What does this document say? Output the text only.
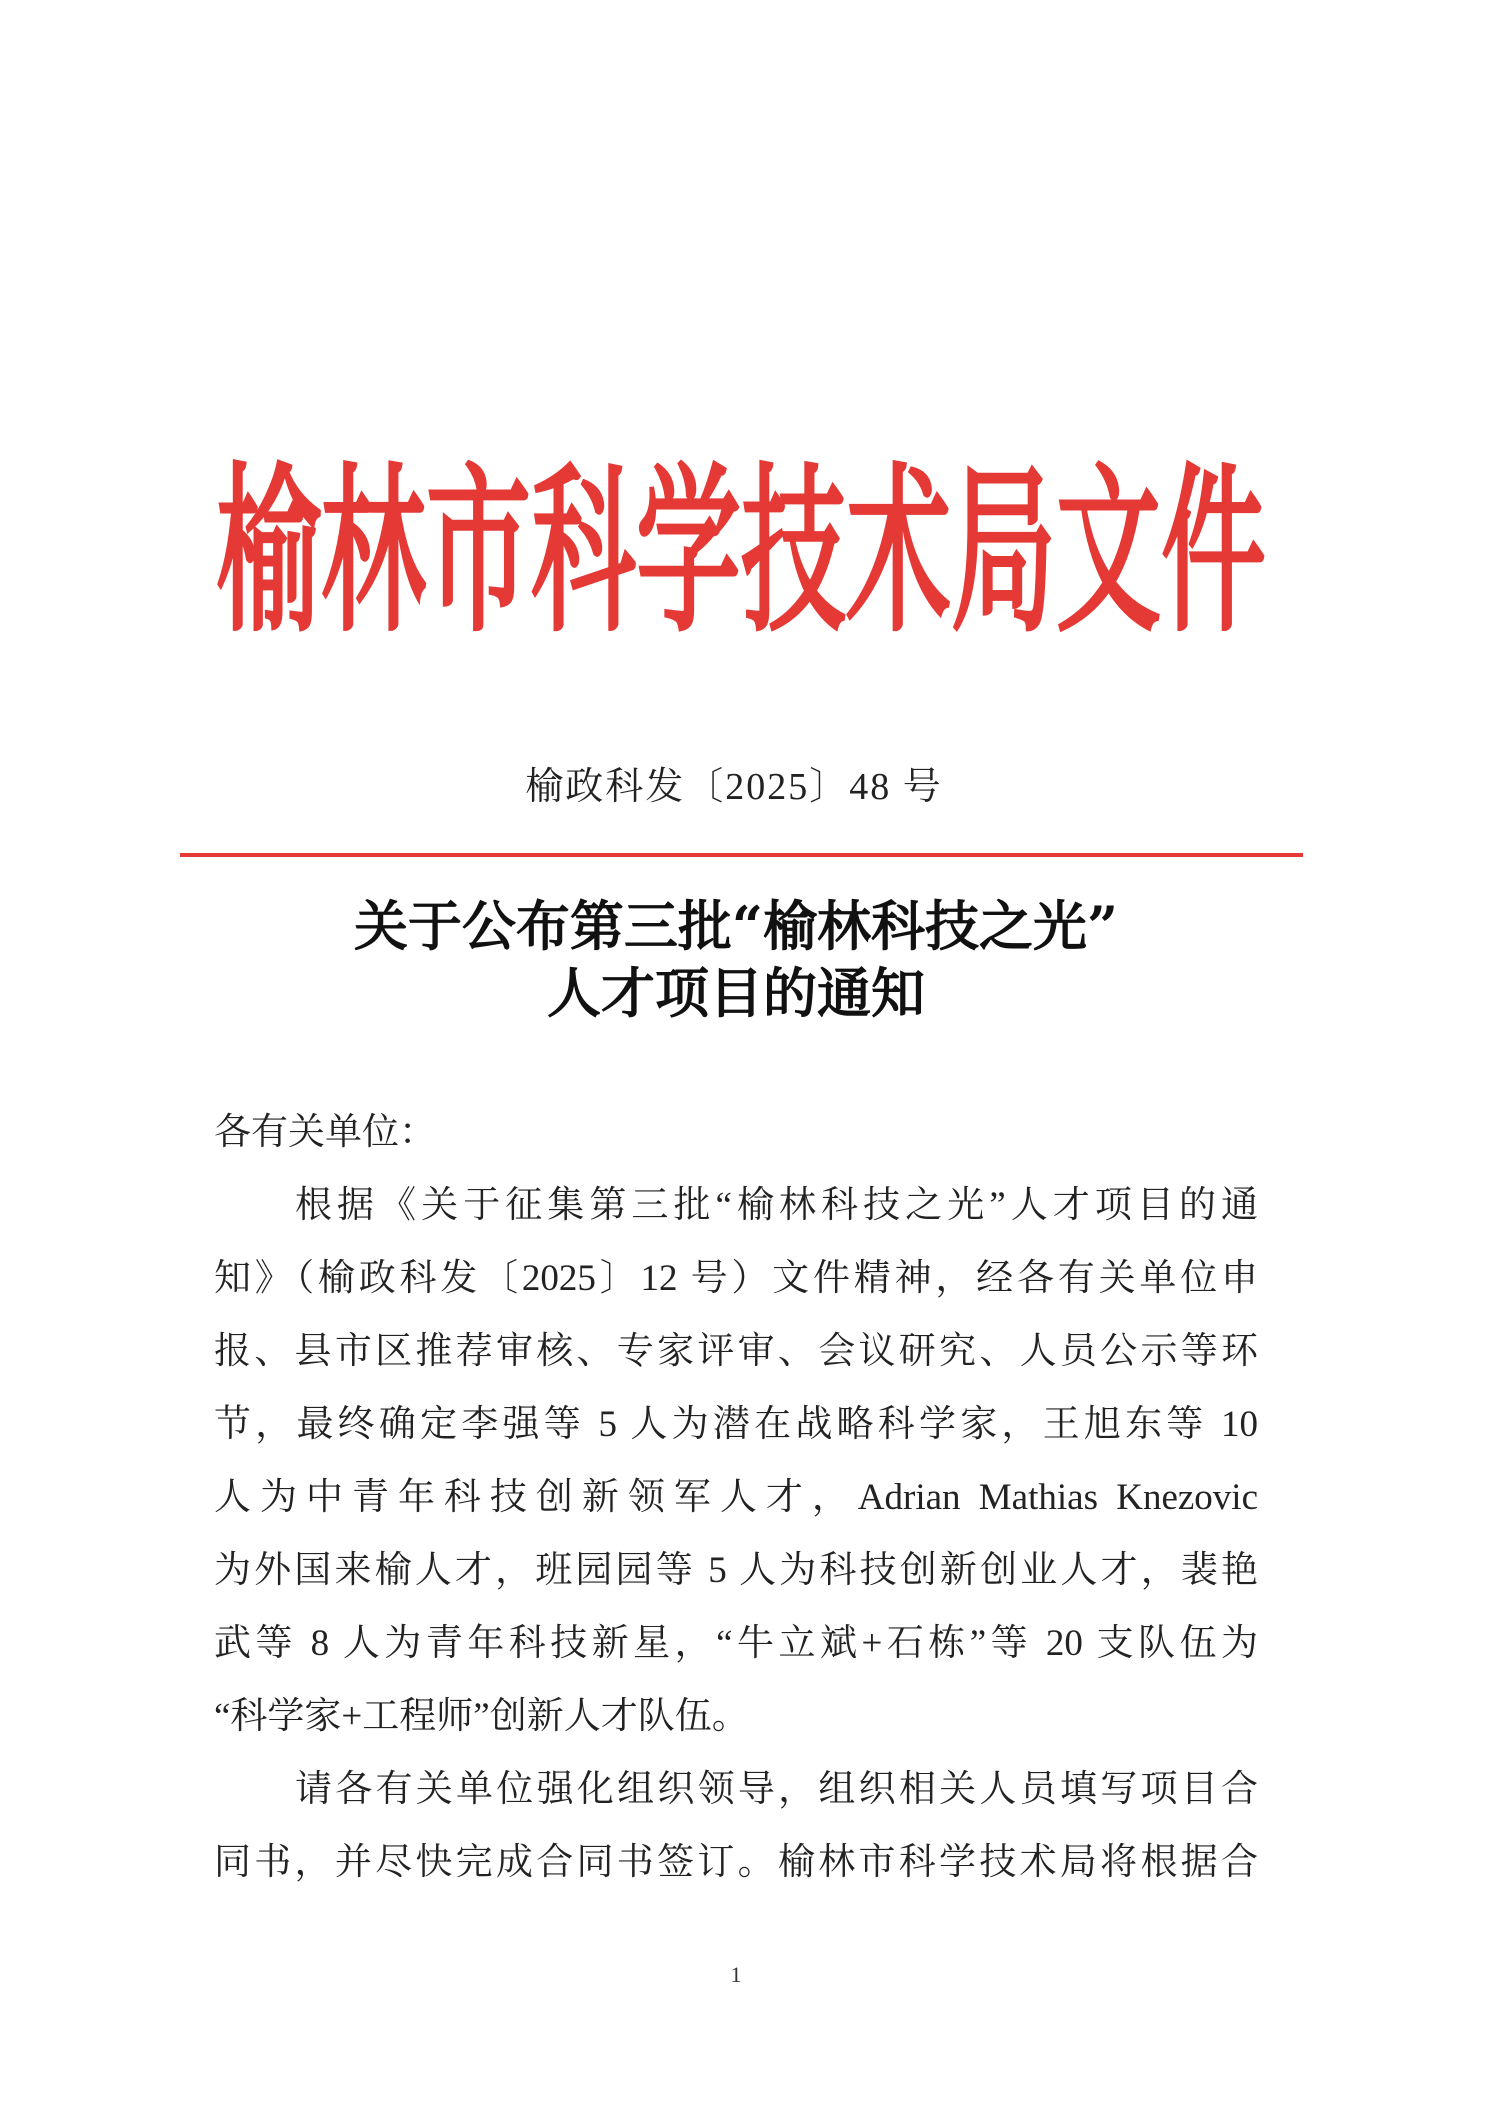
榆林市科学技术局文件
榆政科发〔2025〕48 号
关于公布第三批“榆林科技之光”
人才项目的通知
各有关单位：
根据《关于征集第三批“榆林科技之光”人才项目的通
知》（榆政科发〔2025〕12 号）文件精神，经各有关单位申
报、县市区推荐审核、专家评审、会议研究、人员公示等环
节，最终确定李强等 5 人为潜在战略科学家，王旭东等 10
人为中青年科技创新领军人才，Adrian Mathias Knezovic
为外国来榆人才，班园园等 5 人为科技创新创业人才，裴艳
武等 8 人为青年科技新星，“牛立斌+石栋”等 20 支队伍为
“科学家+工程师”创新人才队伍。
请各有关单位强化组织领导，组织相关人员填写项目合
同书，并尽快完成合同书签订。榆林市科学技术局将根据合
1
